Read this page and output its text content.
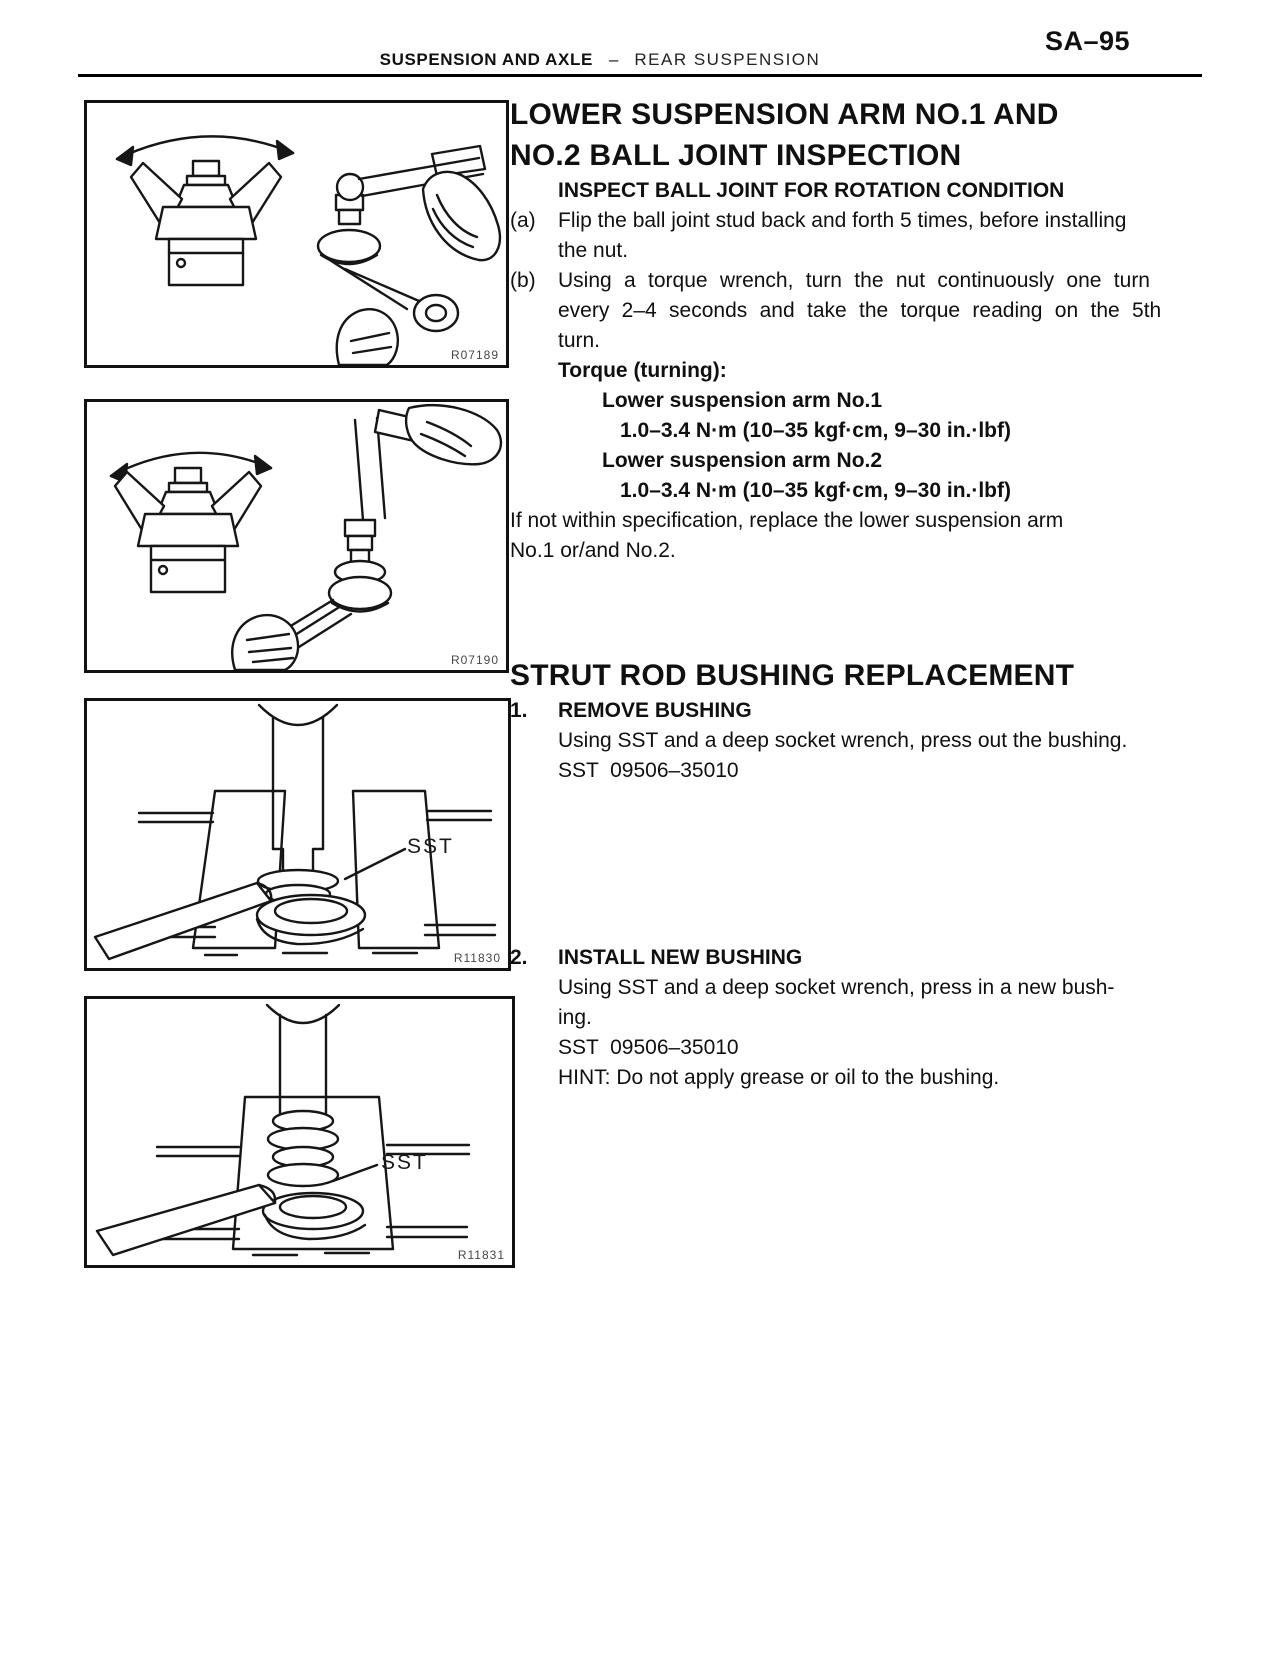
SA–95
SUSPENSION AND AXLE – REAR SUSPENSION
R07189
R07190
SST
R11830
SST
R11831
LOWER SUSPENSION ARM NO.1 AND
NO.2 BALL JOINT INSPECTION
INSPECT BALL JOINT FOR ROTATION CONDITION
(a)	Flip the ball joint stud back and forth 5 times, before installing
the nut.
(b)	Using a torque wrench, turn the nut continuously one turn
every 2–4 seconds and take the torque reading on the 5th
turn.
Torque (turning):
Lower suspension arm No.1
1.0–3.4 N·m (10–35 kgf·cm, 9–30 in.·lbf)
Lower suspension arm No.2
1.0–3.4 N·m (10–35 kgf·cm, 9–30 in.·lbf)
If not within specification, replace the lower suspension arm
No.1 or/and No.2.
STRUT ROD BUSHING REPLACEMENT
1.	REMOVE BUSHING
Using SST and a deep socket wrench, press out the bushing.
SST  09506–35010
2.	INSTALL NEW BUSHING
Using SST and a deep socket wrench, press in a new bush-
ing.
SST  09506–35010
HINT: Do not apply grease or oil to the bushing.
